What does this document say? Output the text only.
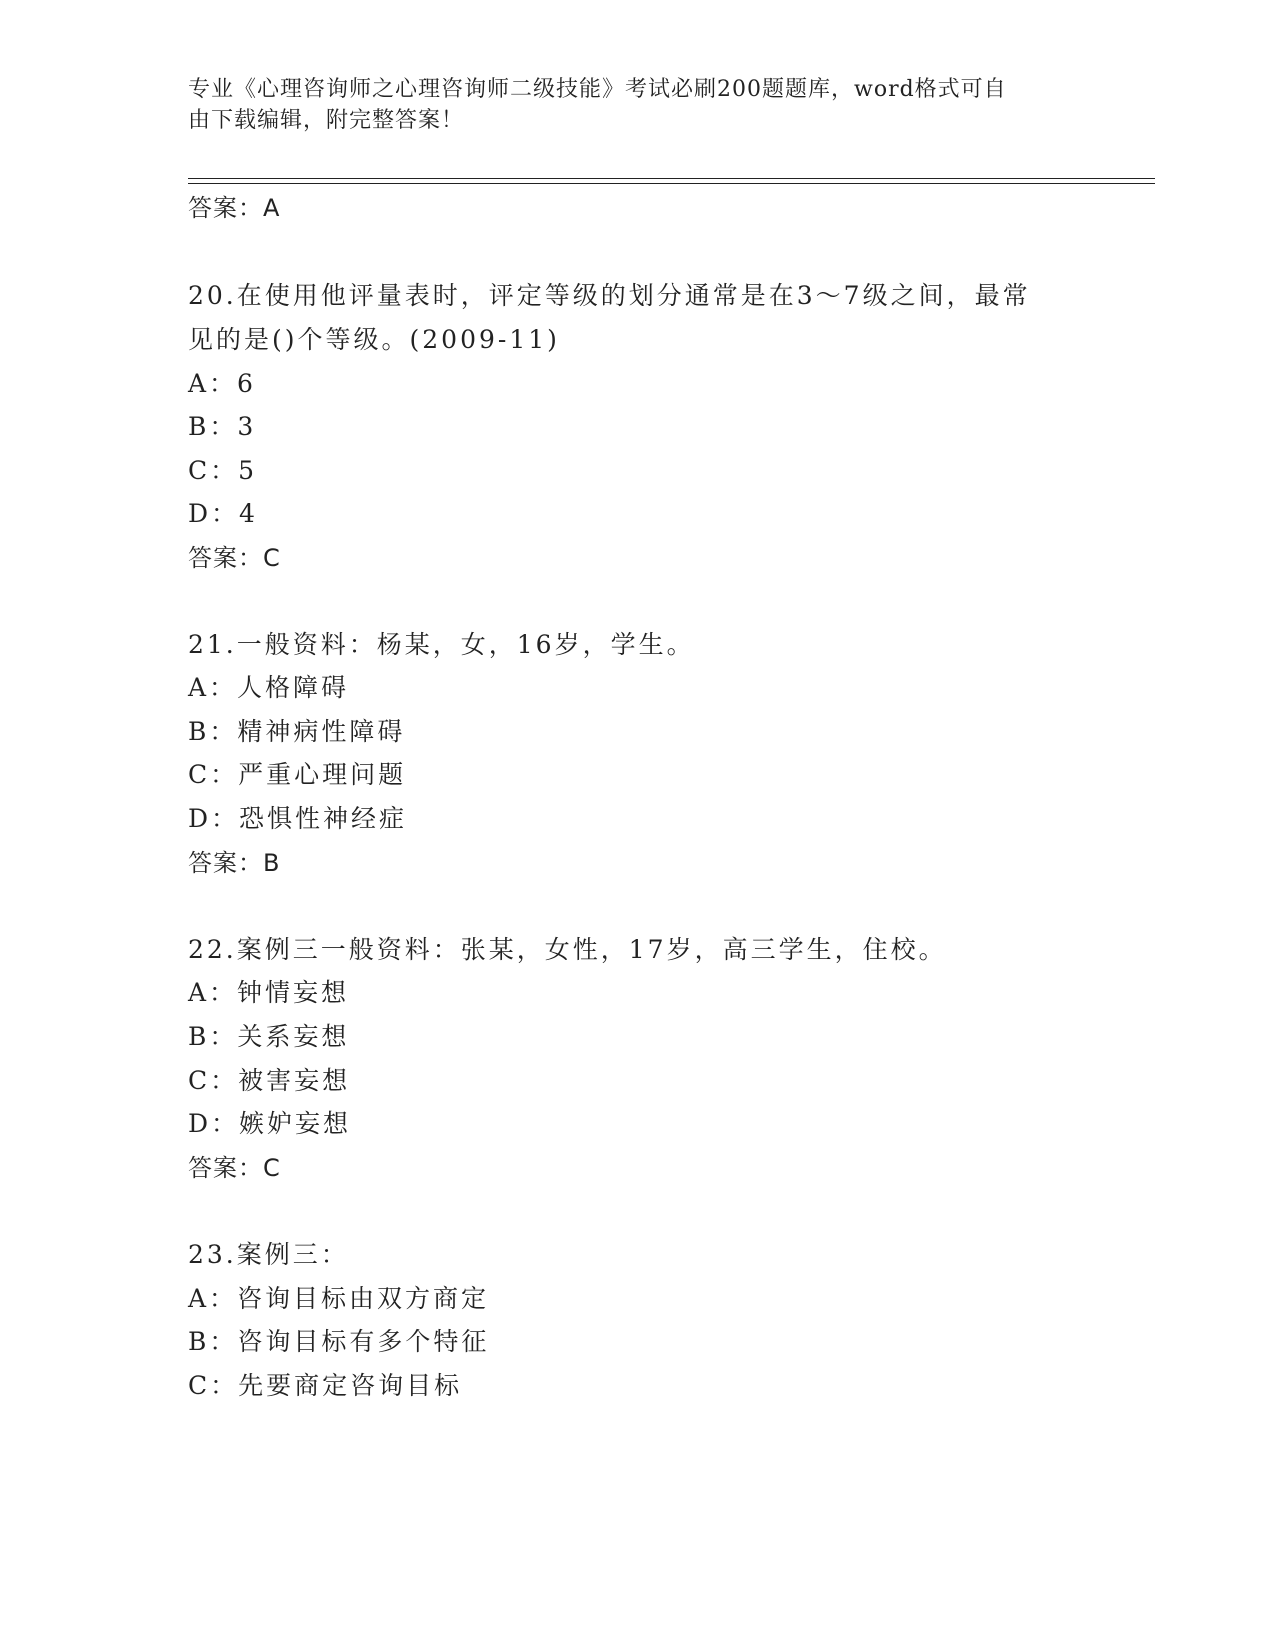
专业《心理咨询师之心理咨询师二级技能》考试必刷200题题库，word格式可自
由下载编辑，附完整答案！
答案：A
20.在使用他评量表时，评定等级的划分通常是在3～7级之间，最常
见的是()个等级。(2009-11)
A：6
B：3
C：5
D：4
答案：C
21.一般资料：杨某，女，16岁，学生。
A：人格障碍
B：精神病性障碍
C：严重心理问题
D：恐惧性神经症
答案：B
22.案例三一般资料：张某，女性，17岁，高三学生，住校。
A：钟情妄想
B：关系妄想
C：被害妄想
D：嫉妒妄想
答案：C
23.案例三：
A：咨询目标由双方商定
B：咨询目标有多个特征
C：先要商定咨询目标
